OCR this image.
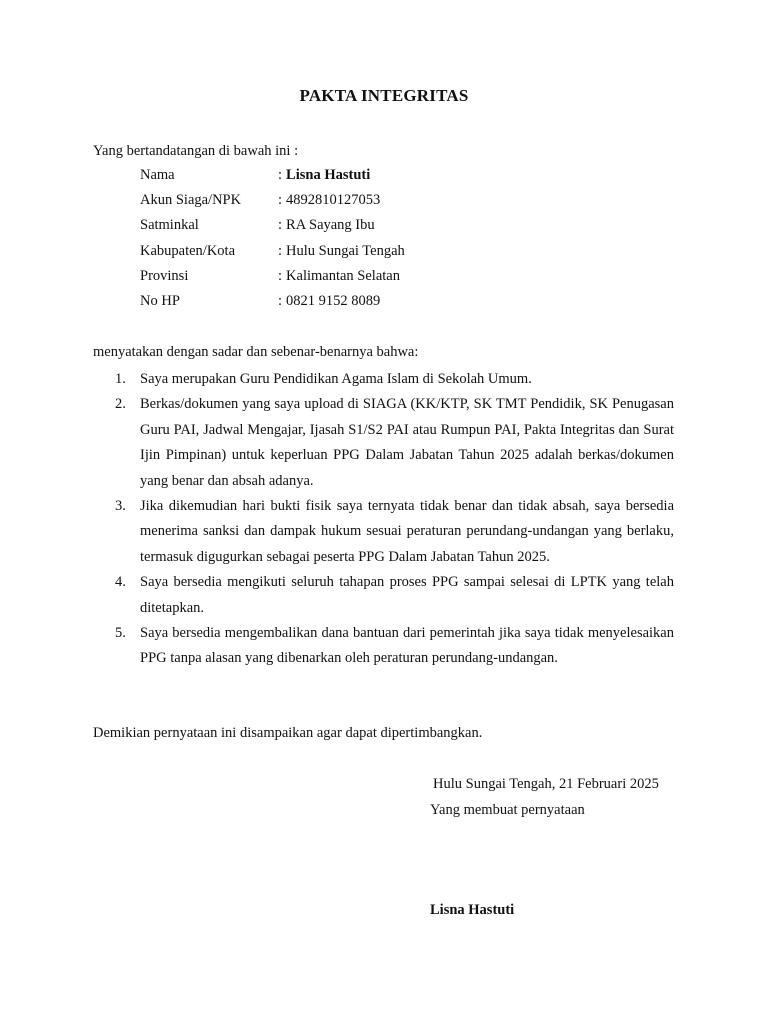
PAKTA INTEGRITAS
Yang bertandatangan di bawah ini :
Nama	: Lisna Hastuti
Akun Siaga/NPK	: 4892810127053
Satminkal	: RA Sayang Ibu
Kabupaten/Kota	: Hulu Sungai Tengah
Provinsi	: Kalimantan Selatan
No HP	: 0821 9152 8089
menyatakan dengan sadar dan sebenar-benarnya bahwa:
1. Saya merupakan Guru Pendidikan Agama Islam di Sekolah Umum.
2. Berkas/dokumen yang saya upload di SIAGA (KK/KTP, SK TMT Pendidik, SK Penugasan Guru PAI, Jadwal Mengajar, Ijasah S1/S2 PAI atau Rumpun PAI, Pakta Integritas dan Surat Ijin Pimpinan) untuk keperluan PPG Dalam Jabatan Tahun 2025 adalah berkas/dokumen yang benar dan absah adanya.
3. Jika dikemudian hari bukti fisik saya ternyata tidak benar dan tidak absah, saya bersedia menerima sanksi dan dampak hukum sesuai peraturan perundang-undangan yang berlaku, termasuk digugurkan sebagai peserta PPG Dalam Jabatan Tahun 2025.
4. Saya bersedia mengikuti seluruh tahapan proses PPG sampai selesai di LPTK yang telah ditetapkan.
5. Saya bersedia mengembalikan dana bantuan dari pemerintah jika saya tidak menyelesaikan PPG tanpa alasan yang dibenarkan oleh peraturan perundang-undangan.
Demikian pernyataan ini disampaikan agar dapat dipertimbangkan.
Hulu Sungai Tengah, 21 Februari 2025
Yang membuat pernyataan
Lisna Hastuti
